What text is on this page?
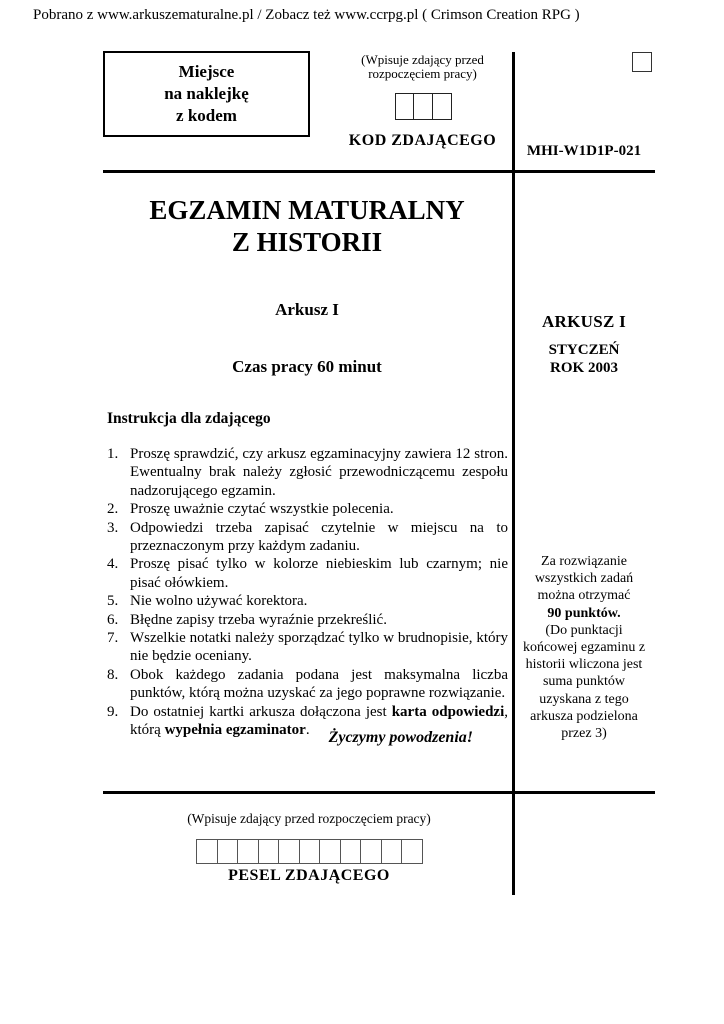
Pobrano z www.arkuszematuralne.pl / Zobacz też www.ccrpg.pl ( Crimson Creation RPG )
Miejsce
na naklejkę
z kodem
(Wpisuje zdający przed
rozpoczęciem pracy)
KOD ZDAJĄCEGO
MHI-W1D1P-021
EGZAMIN MATURALNY
Z HISTORII
Arkusz I
Czas pracy 60 minut
Instrukcja dla zdającego
1. Proszę sprawdzić, czy arkusz egzaminacyjny zawiera 12 stron. Ewentualny brak należy zgłosić przewodniczącemu zespołu nadzorującego egzamin.
2. Proszę uważnie czytać wszystkie polecenia.
3. Odpowiedzi trzeba zapisać czytelnie w miejscu na to przeznaczonym przy każdym zadaniu.
4. Proszę pisać tylko w kolorze niebieskim lub czarnym; nie pisać ołówkiem.
5. Nie wolno używać korektora.
6. Błędne zapisy trzeba wyraźnie przekreślić.
7. Wszelkie notatki należy sporządzać tylko w brudnopisie, który nie będzie oceniany.
8. Obok każdego zadania podana jest maksymalna liczba punktów, którą można uzyskać za jego poprawne rozwiązanie.
9. Do ostatniej kartki arkusza dołączona jest karta odpowiedzi, którą wypełnia egzaminator.	Życzymy powodzenia!
ARKUSZ I
STYCZEŃ
ROK 2003
Za rozwiązanie
wszystkich zadań
można otrzymać
90 punktów.
(Do punktacji
końcowej egzaminu z
historii wliczona jest
suma punktów
uzyskana z tego
arkusza podzielona
przez 3)
(Wpisuje zdający przed rozpoczęciem pracy)
PESEL ZDAJĄCEGO
